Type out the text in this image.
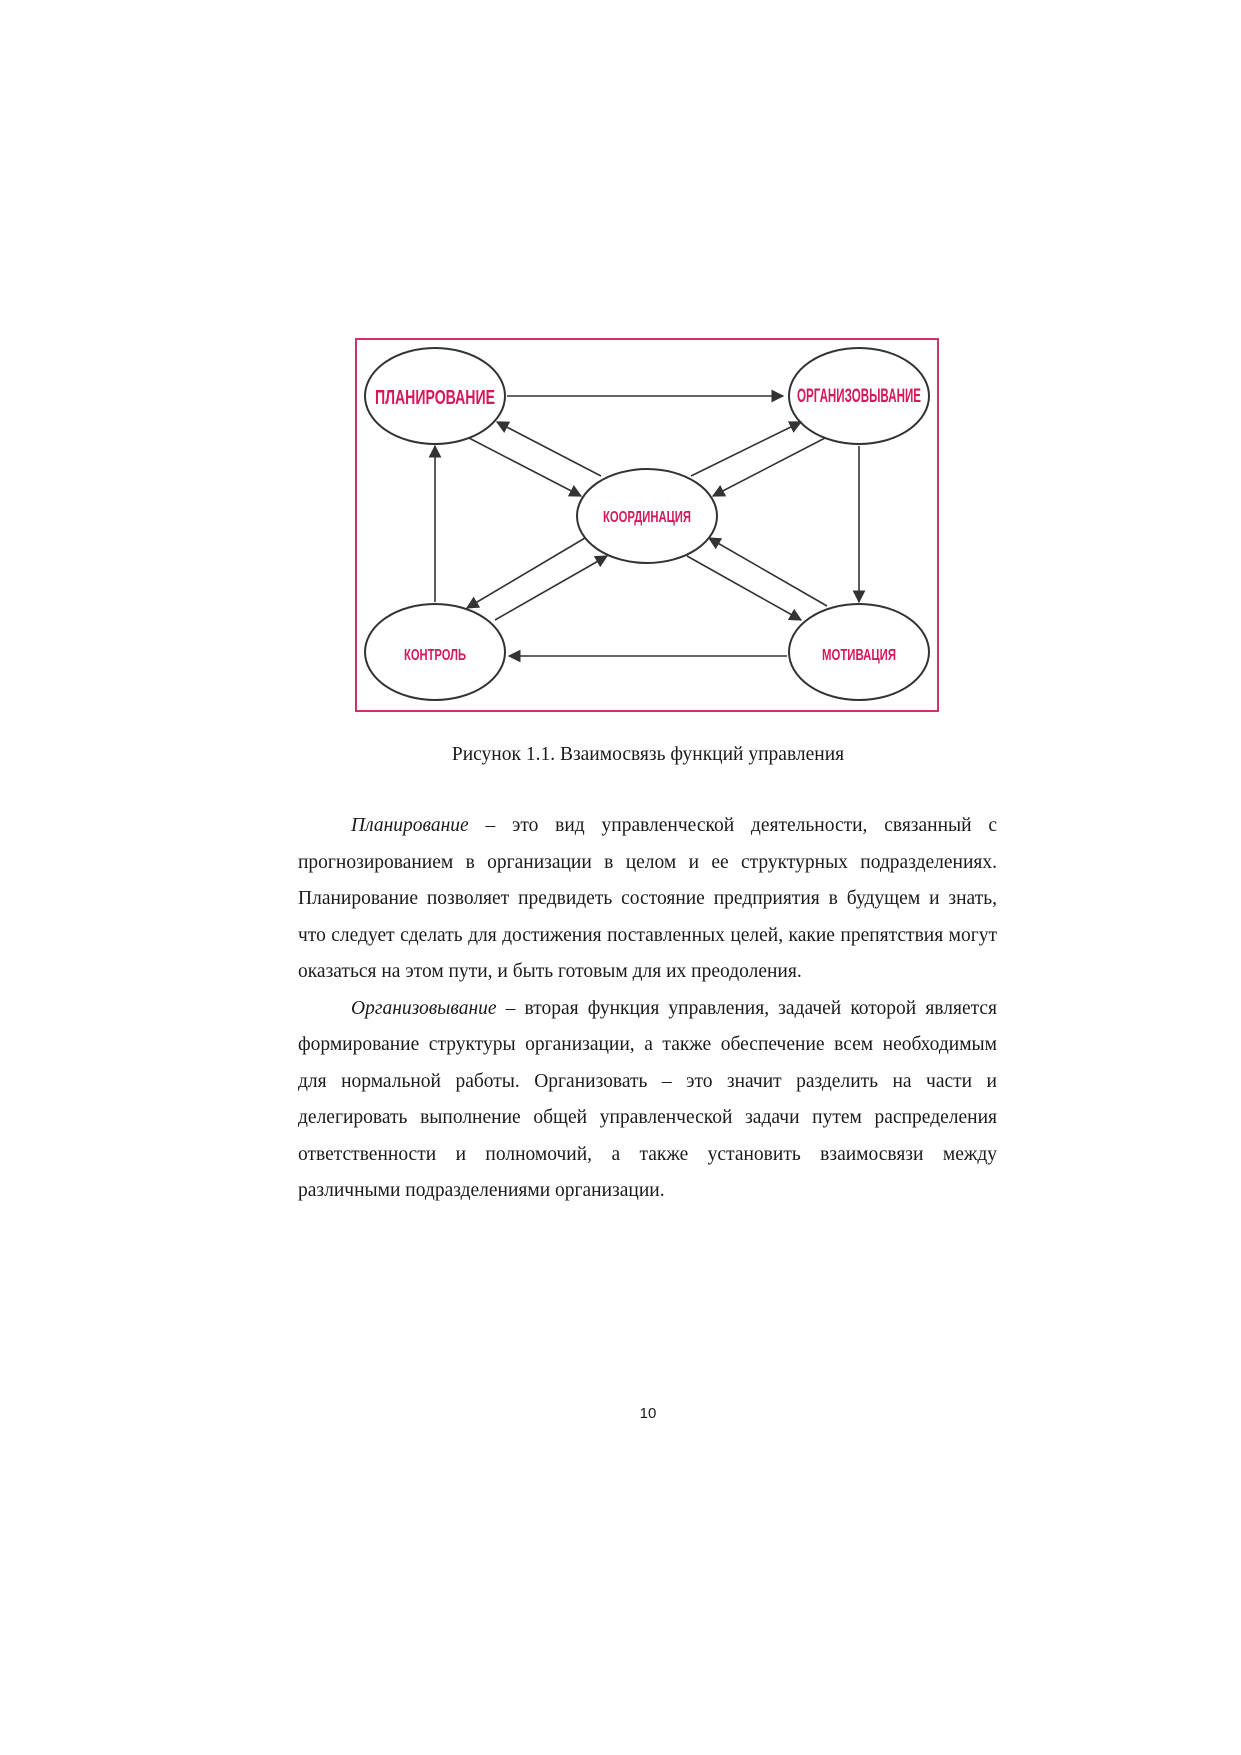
ПЛАНИРОВАНИЕ	ОРГАНИЗОВЫВАНИЕ
КООРДИНАЦИЯ
КОНТРОЛЬ	МОТИВАЦИЯ
Рисунок 1.1. Взаимосвязь функций управления

Планирование – это вид управленческой деятельности, связанный с прогнозированием в организации в целом и ее структурных подразделениях. Планирование позволяет предвидеть состояние предприятия в будущем и знать, что следует сделать для достижения поставленных целей, какие препятствия могут оказаться на этом пути, и быть готовым для их преодоления.

Организовывание – вторая функция управления, задачей которой является формирование структуры организации, а также обеспечение всем необходимым для нормальной работы. Организовать – это значит разделить на части и делегировать выполнение общей управленческой задачи путем распределения ответственности и полномочий, а также установить взаимосвязи между различными подразделениями организации.

10
